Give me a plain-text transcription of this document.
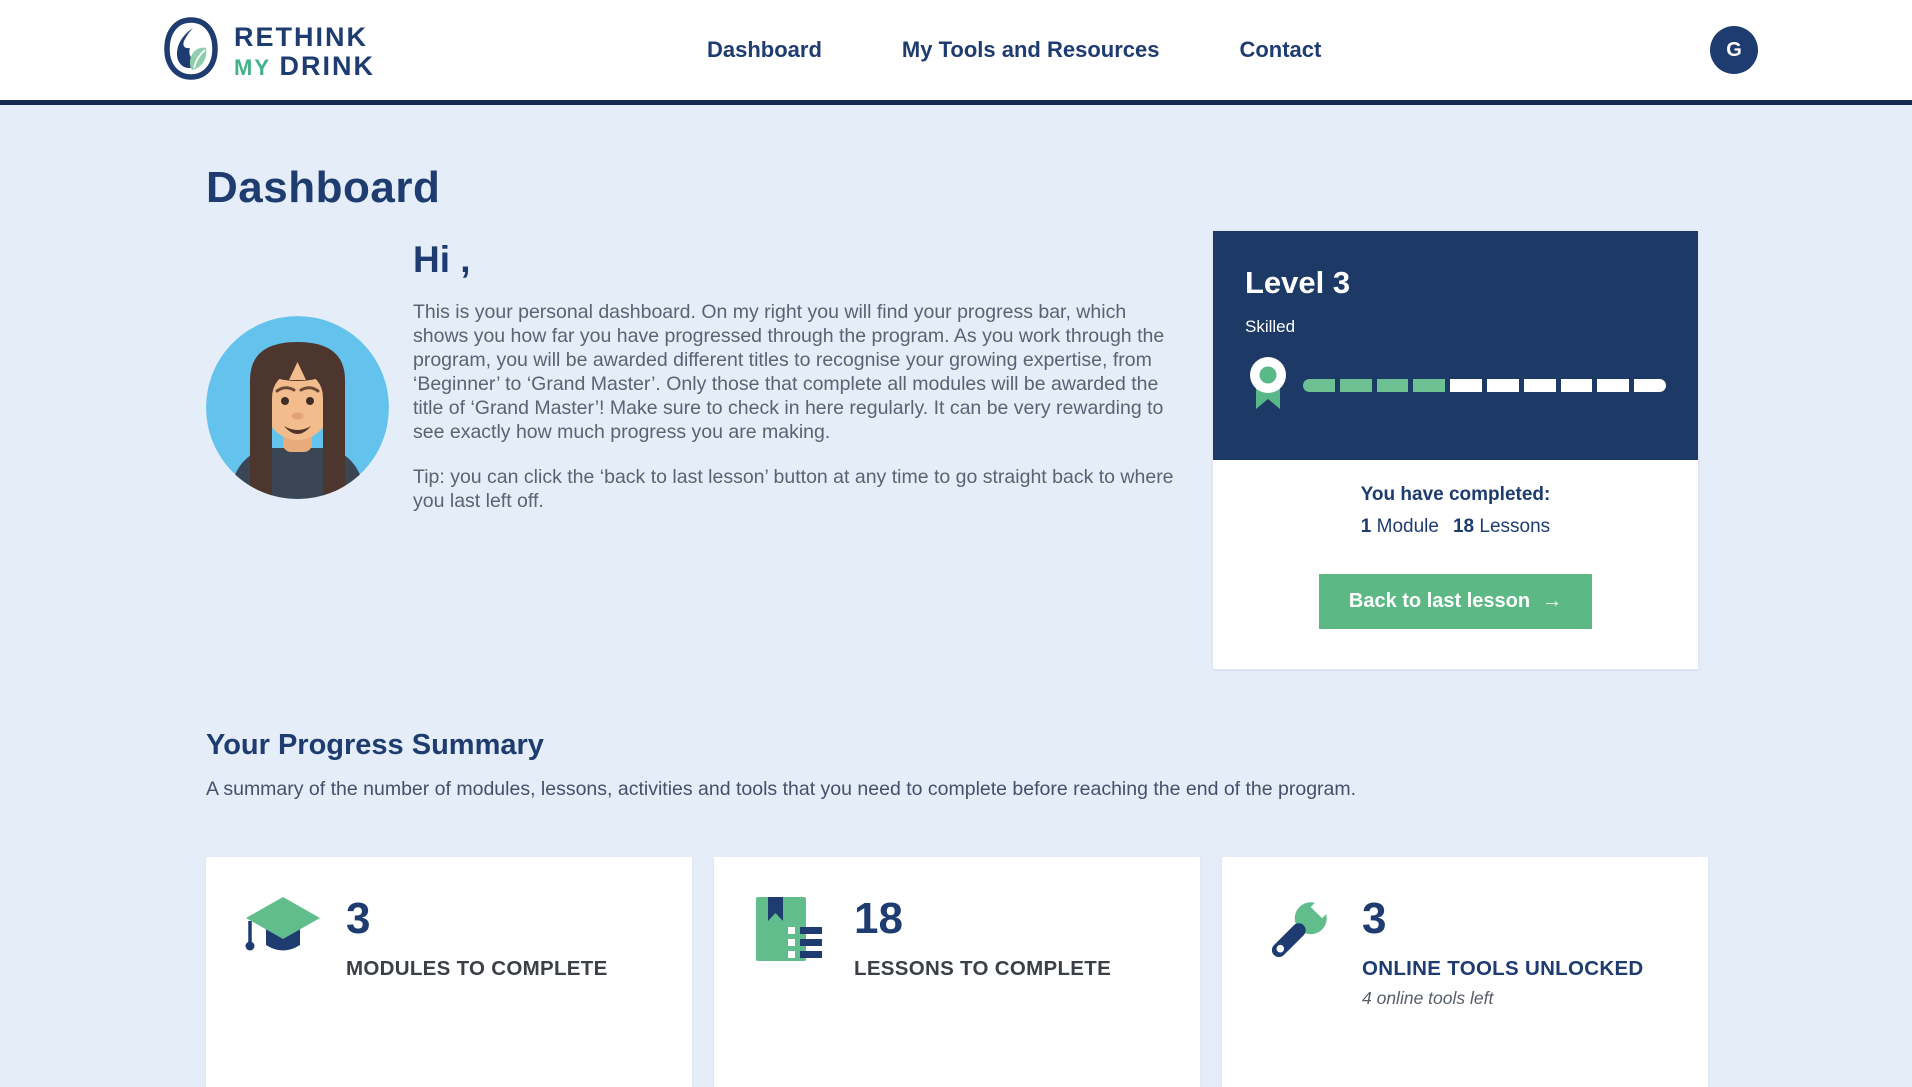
RETHINK
MY DRINK
Dashboard	My Tools and Resources	Contact	G
Dashboard
Hi ,
This is your personal dashboard. On my right you will find your progress bar, which shows you how far you have progressed through the program. As you work through the program, you will be awarded different titles to recognise your growing expertise, from ‘Beginner’ to ‘Grand Master’. Only those that complete all modules will be awarded the title of ‘Grand Master’! Make sure to check in here regularly. It can be very rewarding to see exactly how much progress you are making.
Tip: you can click the ‘back to last lesson’ button at any time to go straight back to where you last left off.
Level 3
Skilled
You have completed:
1 Module 18 Lessons
Back to last lesson →
Your Progress Summary
A summary of the number of modules, lessons, activities and tools that you need to complete before reaching the end of the program.
3
MODULES TO COMPLETE
18
LESSONS TO COMPLETE
3
ONLINE TOOLS UNLOCKED
4 online tools left
